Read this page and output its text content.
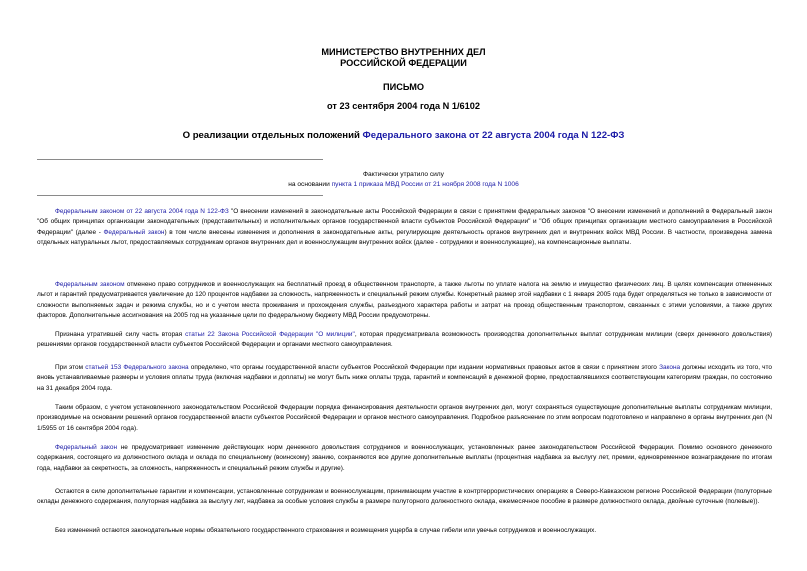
МИНИСТЕРСТВО ВНУТРЕННИХ ДЕЛ
РОССИЙСКОЙ ФЕДЕРАЦИИ
ПИСЬМО
от 23 сентября 2004 года N 1/6102
О реализации отдельных положений Федерального закона от 22 августа 2004 года N 122-ФЗ
Фактически утратило силу
на основании пункта 1 приказа МВД России от 21 ноября 2008 года N 1006

Федеральным законом от 22 августа 2004 года N 122-ФЗ "О внесении изменений в законодательные акты Российской Федерации в связи с принятием федеральных законов "О внесении изменений и дополнений в Федеральный закон "Об общих принципах организации законодательных (представительных) и исполнительных органов государственной власти субъектов Российской Федерации" и "Об общих принципах организации местного самоуправления в Российской Федерации" (далее - Федеральный закон) в том числе внесены изменения и дополнения в законодательные акты, регулирующие деятельность органов внутренних дел и внутренних войск МВД России. В частности, произведена замена отдельных натуральных льгот, предоставляемых сотрудникам органов внутренних дел и военнослужащим внутренних войск (далее - сотрудники и военнослужащие), на компенсационные выплаты.

Федеральным законом отменено право сотрудников и военнослужащих на бесплатный проезд в общественном транспорте, а также льготы по уплате налога на землю и имущество физических лиц. В целях компенсации отмененных льгот и гарантий предусматривается увеличение до 120 процентов надбавки за сложность, напряженность и специальный режим службы. Конкретный размер этой надбавки с 1 января 2005 года будет определяться не только в зависимости от сложности выполняемых задач и режима службы, но и с учетом места проживания и прохождения службы, разъездного характера работы и затрат на проезд общественным транспортом, связанных с этими условиями, а также других факторов. Дополнительные ассигнования на 2005 год на указанные цели по федеральному бюджету МВД России предусмотрены.

Признана утратившей силу часть вторая статьи 22 Закона Российской Федерации "О милиции", которая предусматривала возможность производства дополнительных выплат сотрудникам милиции (сверх денежного довольствия) решениями органов государственной власти субъектов Российской Федерации и органами местного самоуправления.

При этом статьей 153 Федерального закона определено, что органы государственной власти субъектов Российской Федерации при издании нормативных правовых актов в связи с принятием этого Закона должны исходить из того, что вновь устанавливаемые размеры и условия оплаты труда (включая надбавки и доплаты) не могут быть ниже оплаты труда, гарантий и компенсаций в денежной форме, предоставлявшихся соответствующим категориям граждан, по состоянию на 31 декабря 2004 года.

Таким образом, с учетом установленного законодательством Российской Федерации порядка финансирования деятельности органов внутренних дел, могут сохраняться существующие дополнительные выплаты сотрудникам милиции, производимые на основании решений органов государственной власти субъектов Российской Федерации и органов местного самоуправления. Подробное разъяснение по этим вопросам подготовлено и направлено в органы внутренних дел (N 1/5955 от 16 сентября 2004 года).

Федеральный закон не предусматривает изменение действующих норм денежного довольствия сотрудников и военнослужащих, установленных ранее законодательством Российской Федерации. Помимо основного денежного содержания, состоящего из должностного оклада и оклада по специальному (воинскому) званию, сохраняются все другие дополнительные выплаты (процентная надбавка за выслугу лет, премии, единовременное вознаграждение по итогам года, надбавки за секретность, за сложность, напряженность и специальный режим службы и другие).

Остаются в силе дополнительные гарантии и компенсации, установленные сотрудникам и военнослужащим, принимающим участие в контртеррористических операциях в Северо-Кавказском регионе Российской Федерации (полуторные оклады денежного содержания, полуторная надбавка за выслугу лет, надбавка за особые условия службы в размере полуторного должностного оклада, ежемесячное пособие в размере должностного оклада, двойные суточные (полевые)).

Без изменений остаются законодательные нормы обязательного государственного страхования и возмещения ущерба в случае гибели или увечья сотрудников и военнослужащих.
